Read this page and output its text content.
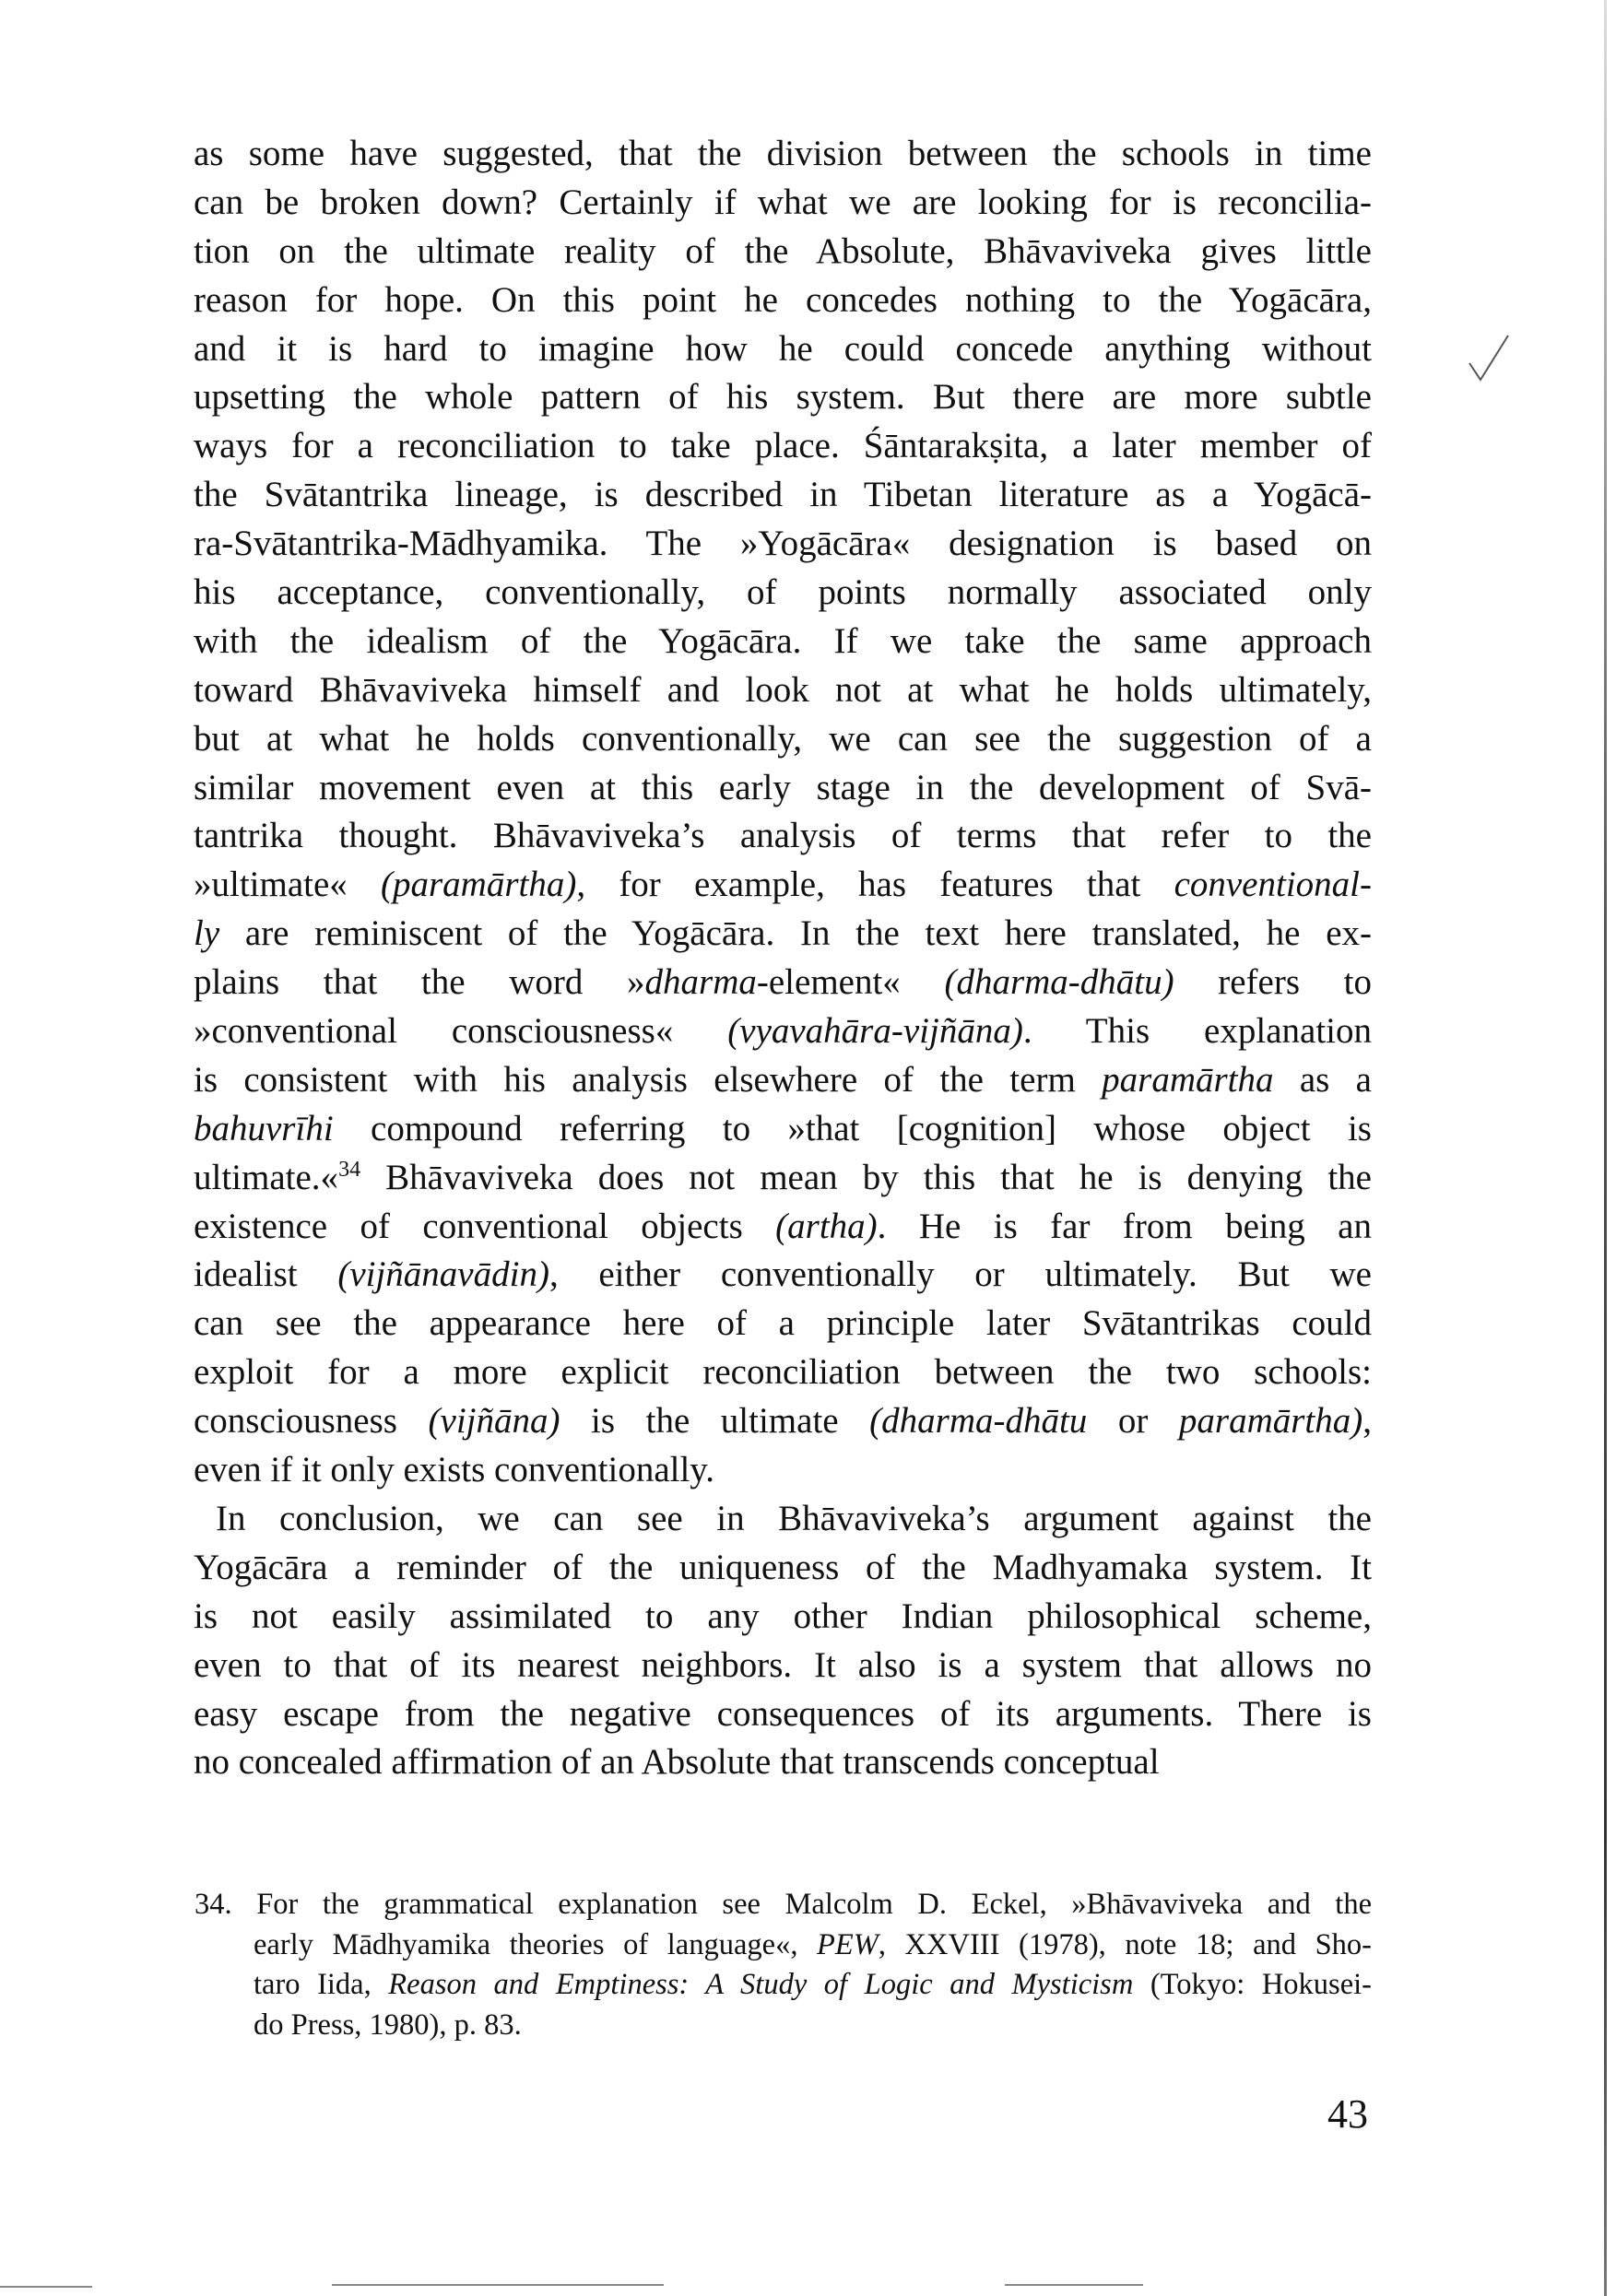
as some have suggested, that the division between the schools in time
can be broken down? Certainly if what we are looking for is reconcilia-
tion on the ultimate reality of the Absolute, Bhāvaviveka gives little
reason for hope. On this point he concedes nothing to the Yogācāra,
and it is hard to imagine how he could concede anything without
upsetting the whole pattern of his system. But there are more subtle
ways for a reconciliation to take place. Śāntarakṣita, a later member of
the Svātantrika lineage, is described in Tibetan literature as a Yogācā-
ra-Svātantrika-Mādhyamika. The »Yogācāra« designation is based on
his acceptance, conventionally, of points normally associated only
with the idealism of the Yogācāra. If we take the same approach
toward Bhāvaviveka himself and look not at what he holds ultimately,
but at what he holds conventionally, we can see the suggestion of a
similar movement even at this early stage in the development of Svā-
tantrika thought. Bhāvaviveka’s analysis of terms that refer to the
»ultimate« (paramārtha), for example, has features that conventional-
ly are reminiscent of the Yogācāra. In the text here translated, he ex-
plains that the word »dharma-element« (dharma-dhātu) refers to
»conventional consciousness« (vyavahāra-vijñāna). This explanation
is consistent with his analysis elsewhere of the term paramārtha as a
bahuvrīhi compound referring to »that [cognition] whose object is
ultimate.«$^{34}$ Bhāvaviveka does not mean by this that he is denying the
existence of conventional objects (artha). He is far from being an
idealist (vijñānavādin), either conventionally or ultimately. But we
can see the appearance here of a principle later Svātantrikas could
exploit for a more explicit reconciliation between the two schools:
consciousness (vijñāna) is the ultimate (dharma-dhātu or paramārtha),
even if it only exists conventionally.
In conclusion, we can see in Bhāvaviveka’s argument against the
Yogācāra a reminder of the uniqueness of the Madhyamaka system. It
is not easily assimilated to any other Indian philosophical scheme,
even to that of its nearest neighbors. It also is a system that allows no
easy escape from the negative consequences of its arguments. There is
no concealed affirmation of an Absolute that transcends conceptual
34. For the grammatical explanation see Malcolm D. Eckel, »Bhāvaviveka and the
early Mādhyamika theories of language«, PEW, XXVIII (1978), note 18; and Sho-
taro Iida, Reason and Emptiness: A Study of Logic and Mysticism (Tokyo: Hokusei-
do Press, 1980), p. 83.
43
